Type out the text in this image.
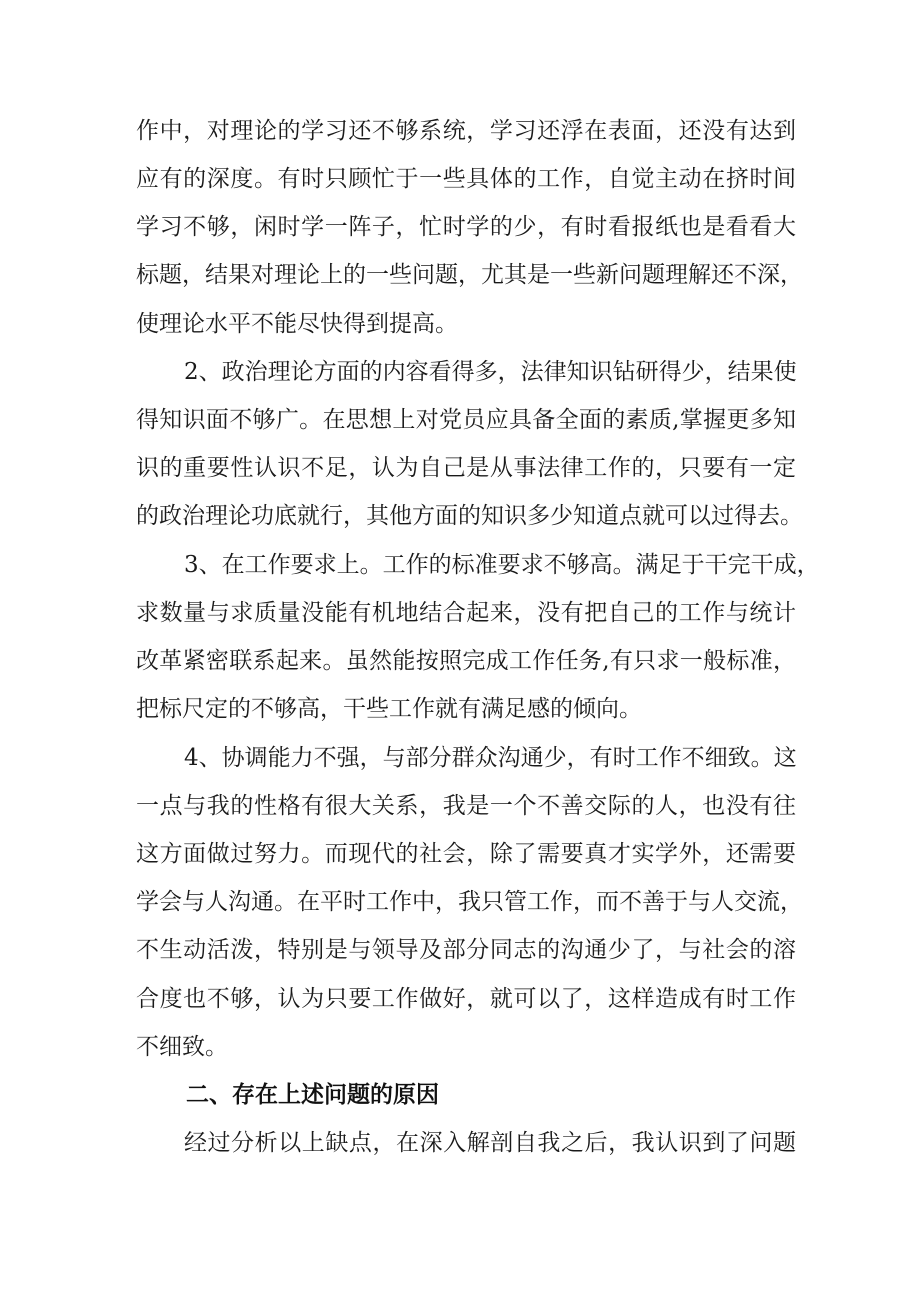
作中，对理论的学习还不够系统，学习还浮在表面，还没有达到
应有的深度。有时只顾忙于一些具体的工作，自觉主动在挤时间
学习不够，闲时学一阵子，忙时学的少，有时看报纸也是看看大
标题，结果对理论上的一些问题，尤其是一些新问题理解还不深，
使理论水平不能尽快得到提高。
2、政治理论方面的内容看得多，法律知识钻研得少，结果使
得知识面不够广。在思想上对党员应具备全面的素质,掌握更多知
识的重要性认识不足，认为自己是从事法律工作的，只要有一定
的政治理论功底就行，其他方面的知识多少知道点就可以过得去。
3、在工作要求上。工作的标准要求不够高。满足于干完干成，
求数量与求质量没能有机地结合起来，没有把自己的工作与统计
改革紧密联系起来。虽然能按照完成工作任务,有只求一般标准，
把标尺定的不够高，干些工作就有满足感的倾向。
4、协调能力不强，与部分群众沟通少，有时工作不细致。这
一点与我的性格有很大关系，我是一个不善交际的人，也没有往
这方面做过努力。而现代的社会，除了需要真才实学外，还需要
学会与人沟通。在平时工作中，我只管工作，而不善于与人交流，
不生动活泼，特别是与领导及部分同志的沟通少了，与社会的溶
合度也不够，认为只要工作做好，就可以了，这样造成有时工作
不细致。
二、存在上述问题的原因
经过分析以上缺点，在深入解剖自我之后，我认识到了问题
